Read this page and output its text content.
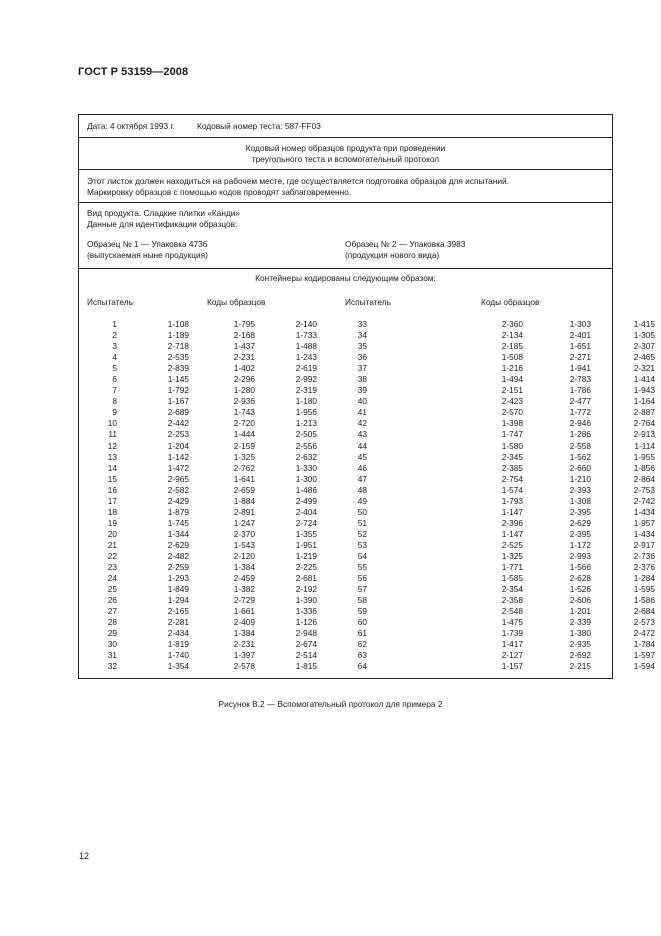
ГОСТ Р 53159—2008
Дата: 4 октября 1993 г.	Кодовый номер теста: 587-FF03
Кодовый номер образцов продукта при проведении
треугольного теста и вспомогательный протокол
Этот листок должен находиться на рабочем месте, где осуществляется подготовка образцов для испытаний.
Маркировку образцов с помощью кодов проводят заблаговременно.
Вид продукта: Сладкие плитки «Канди»
Данные для идентификации образцов:
Образец № 1 — Упаковка 4736
(выпускаемая ныне продукция)
Образец № 2 — Упаковка 3983
(продукция нового вида)
Контейнеры кодированы следующим образом:
Испытатель	Коды образцов
1	1-108	1-795	2-140
2	1-189	2-168	1-733
3	2-718	1-437	1-488
4	2-535	2-231	1-243
5	2-839	1-402	2-619
6	1-145	2-296	2-992
7	1-792	1-280	2-319
8	1-167	2-936	1-180
9	2-689	1-743	1-956
10	2-442	2-720	1-213
11	2-253	1-444	2-505
12	1-204	2-159	2-556
13	1-142	1-325	2-632
14	1-472	2-762	1-330
15	2-965	1-641	1-300
16	2-582	2-659	1-486
17	2-429	1-884	2-499
18	1-879	2-891	2-404
19	1-745	1-247	2-724
20	1-344	2-370	1-355
21	2-629	1-543	1-951
22	2-482	2-120	1-219
23	2-259	1-384	2-225
24	1-293	2-459	2-681
25	1-849	1-382	2-192
26	1-294	2-729	1-390
27	2-165	1-661	1-336
28	2-281	2-409	1-126
29	2-434	1-384	2-948
30	1-819	2-231	2-674
31	1-740	1-397	2-514
32	1-354	2-578	1-815
Испытатель	Коды образцов
33	2-360	1-303	1-415
34	2-134	2-401	1-305
35	2-185	1-651	2-307
36	1-508	2-271	2-465
37	1-216	1-941	2-321
38	1-494	2-783	1-414
39	2-151	1-786	1-943
40	2-423	2-477	1-164
41	2-570	1-772	2-887
42	1-398	2-946	2-764
43	1-747	1-286	2-913
44	1-580	2-558	1-114
45	2-345	1-562	1-955
46	2-385	2-660	1-856
47	2-754	1-210	2-864
48	1-574	2-393	2-753
49	1-793	1-308	2-742
50	1-147	2-395	1-434
51	2-396	2-629	1-957
52	1-147	2-395	1-434
53	2-525	1-172	2-917
54	1-325	2-993	2-736
55	1-771	1-566	2-376
56	1-585	2-628	1-284
57	2-354	1-526	1-595
58	2-358	2-606	1-586
59	2-548	1-201	2-684
60	1-475	2-339	2-573
61	1-739	1-380	2-472
62	1-417	2-935	1-784
63	2-127	2-692	1-597
64	1-157	2-215	1-594
Рисунок В.2 — Вспомогательный протокол для примера 2
12
